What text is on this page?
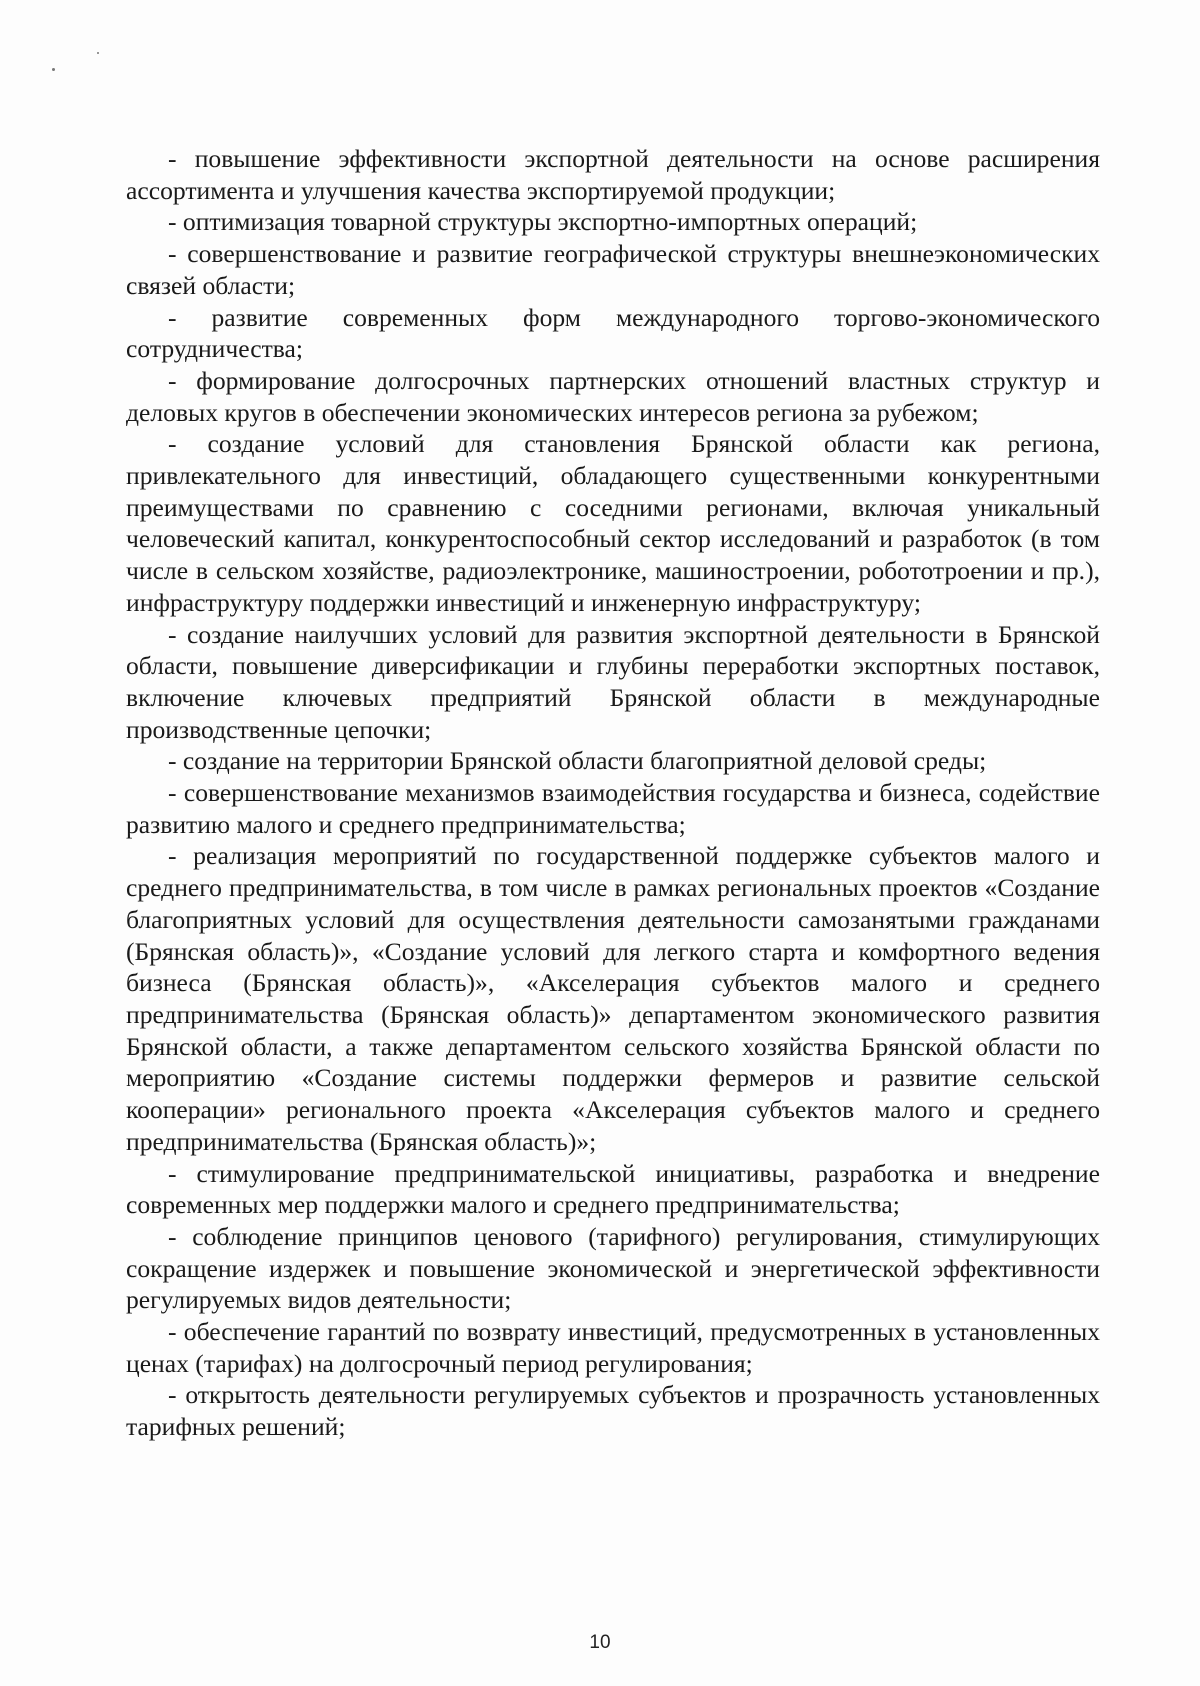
- повышение эффективности экспортной деятельности на основе расширения ассортимента и улучшения качества экспортируемой продукции;

- оптимизация товарной структуры экспортно-импортных операций;

- совершенствование и развитие географической структуры внешнеэкономических связей области;

- развитие современных форм международного торгово-экономического сотрудничества;

- формирование долгосрочных партнерских отношений властных структур и деловых кругов в обеспечении экономических интересов региона за рубежом;

- создание условий для становления Брянской области как региона, привлекательного для инвестиций, обладающего существенными конкурентными преимуществами по сравнению с соседними регионами, включая уникальный человеческий капитал, конкурентоспособный сектор исследований и разработок (в том числе в сельском хозяйстве, радиоэлектронике, машиностроении, робототроении и пр.), инфраструктуру поддержки инвестиций и инженерную инфраструктуру;

- создание наилучших условий для развития экспортной деятельности в Брянской области, повышение диверсификации и глубины переработки экспортных поставок, включение ключевых предприятий Брянской области в международные производственные цепочки;

- создание на территории Брянской области благоприятной деловой среды;

- совершенствование механизмов взаимодействия государства и бизнеса, содействие развитию малого и среднего предпринимательства;

- реализация мероприятий по государственной поддержке субъектов малого и среднего предпринимательства, в том числе в рамках региональных проектов «Создание благоприятных условий для осуществления деятельности самозанятыми гражданами (Брянская область)», «Создание условий для легкого старта и комфортного ведения бизнеса (Брянская область)», «Акселерация субъектов малого и среднего предпринимательства (Брянская область)» департаментом экономического развития Брянской области, а также департаментом сельского хозяйства Брянской области по мероприятию «Создание системы поддержки фермеров и развитие сельской кооперации» регионального проекта «Акселерация субъектов малого и среднего предпринимательства (Брянская область)»;

- стимулирование предпринимательской инициативы, разработка и внедрение современных мер поддержки малого и среднего предпринимательства;

- соблюдение принципов ценового (тарифного) регулирования, стимулирующих сокращение издержек и повышение экономической и энергетической эффективности регулируемых видов деятельности;

- обеспечение гарантий по возврату инвестиций, предусмотренных в установленных ценах (тарифах) на долгосрочный период регулирования;

- открытость деятельности регулируемых субъектов и прозрачность установленных тарифных решений;

10
